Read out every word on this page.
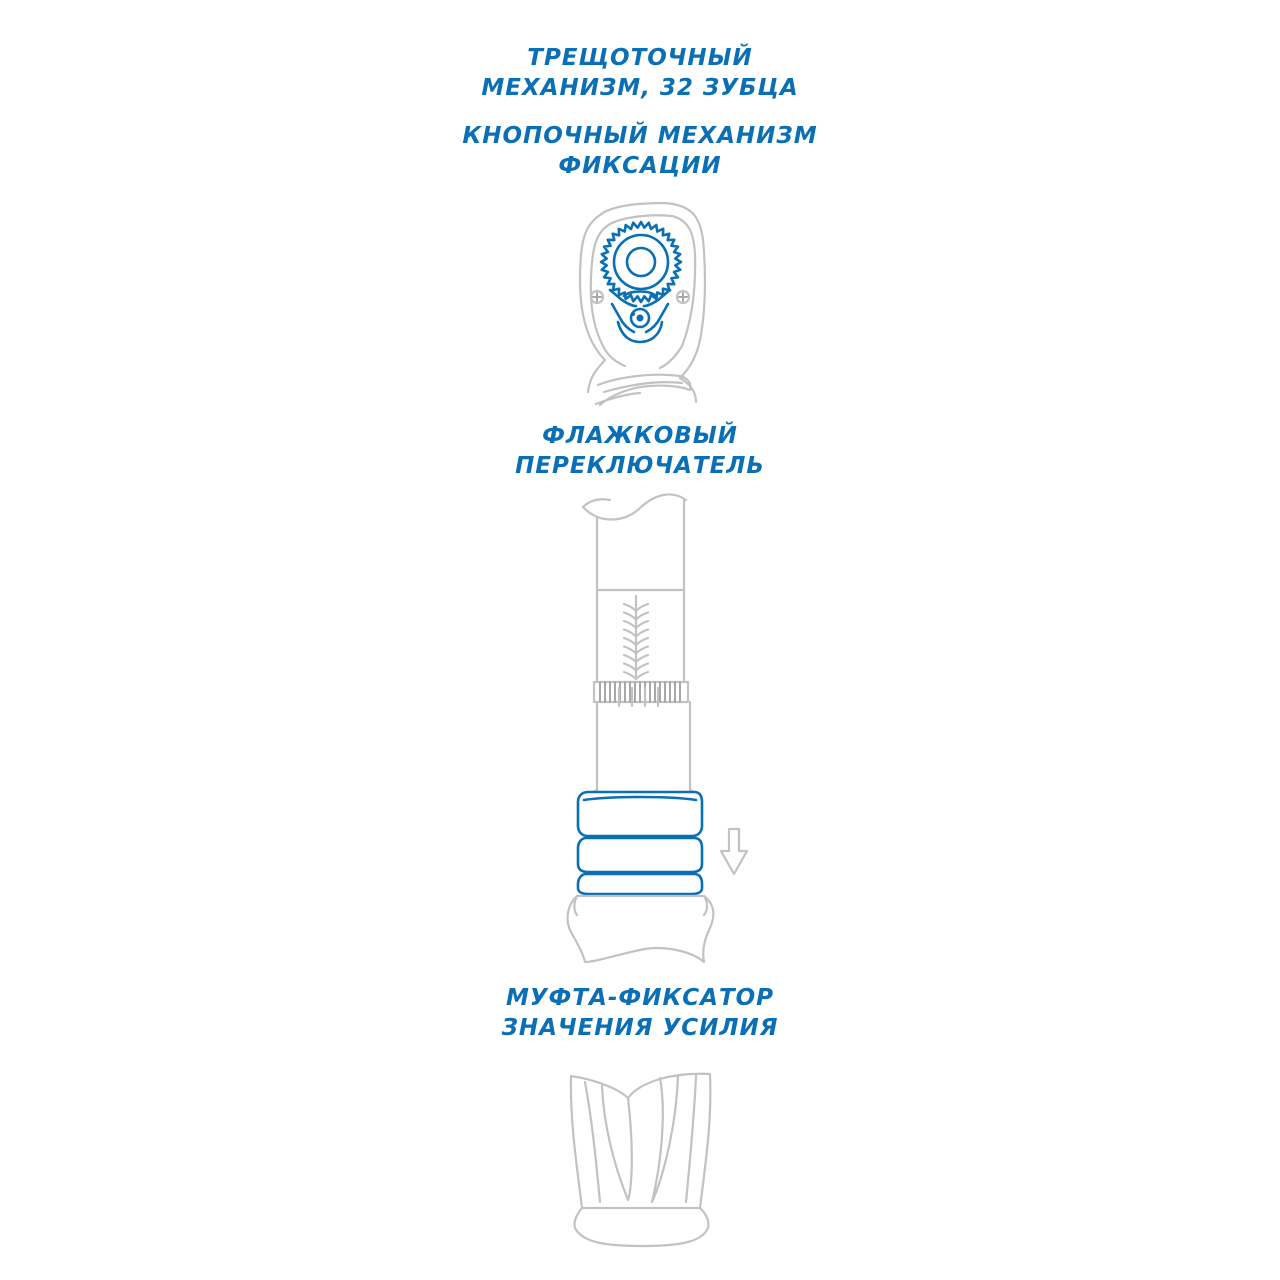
ТРЕЩОТОЧНЫЙ
МЕХАНИЗМ, 32 ЗУБЦА
КНОПОЧНЫЙ МЕХАНИЗМ
ФИКСАЦИИ
ФЛАЖКОВЫЙ
ПЕРЕКЛЮЧАТЕЛЬ
МУФТА-ФИКСАТОР
ЗНАЧЕНИЯ УСИЛИЯ
